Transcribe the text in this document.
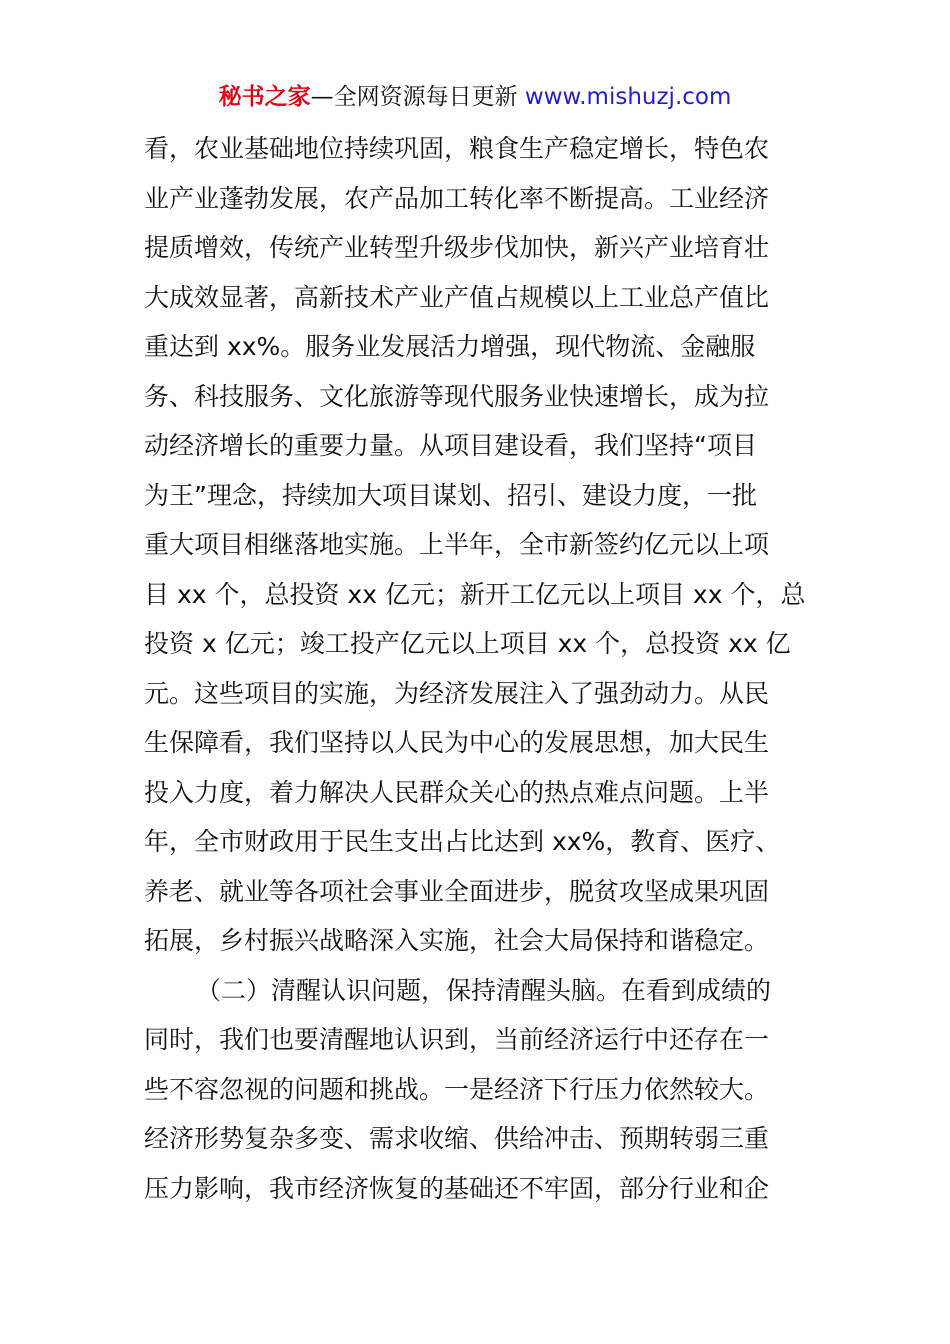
秘书之家—全网资源每日更新 www.mishuzj.com
看，农业基础地位持续巩固，粮食生产稳定增长，特色农
业产业蓬勃发展，农产品加工转化率不断提高。工业经济
提质增效，传统产业转型升级步伐加快，新兴产业培育壮
大成效显著，高新技术产业产值占规模以上工业总产值比
重达到 xx%。服务业发展活力增强，现代物流、金融服
务、科技服务、文化旅游等现代服务业快速增长，成为拉
动经济增长的重要力量。从项目建设看，我们坚持“项目
为王”理念，持续加大项目谋划、招引、建设力度，一批
重大项目相继落地实施。上半年，全市新签约亿元以上项
目 xx 个，总投资 xx 亿元；新开工亿元以上项目 xx 个，总
投资 x 亿元；竣工投产亿元以上项目 xx 个，总投资 xx 亿
元。这些项目的实施，为经济发展注入了强劲动力。从民
生保障看，我们坚持以人民为中心的发展思想，加大民生
投入力度，着力解决人民群众关心的热点难点问题。上半
年，全市财政用于民生支出占比达到 xx%，教育、医疗、
养老、就业等各项社会事业全面进步，脱贫攻坚成果巩固
拓展，乡村振兴战略深入实施，社会大局保持和谐稳定。
（二）清醒认识问题，保持清醒头脑。在看到成绩的
同时，我们也要清醒地认识到，当前经济运行中还存在一
些不容忽视的问题和挑战。一是经济下行压力依然较大。
经济形势复杂多变、需求收缩、供给冲击、预期转弱三重
压力影响，我市经济恢复的基础还不牢固，部分行业和企
